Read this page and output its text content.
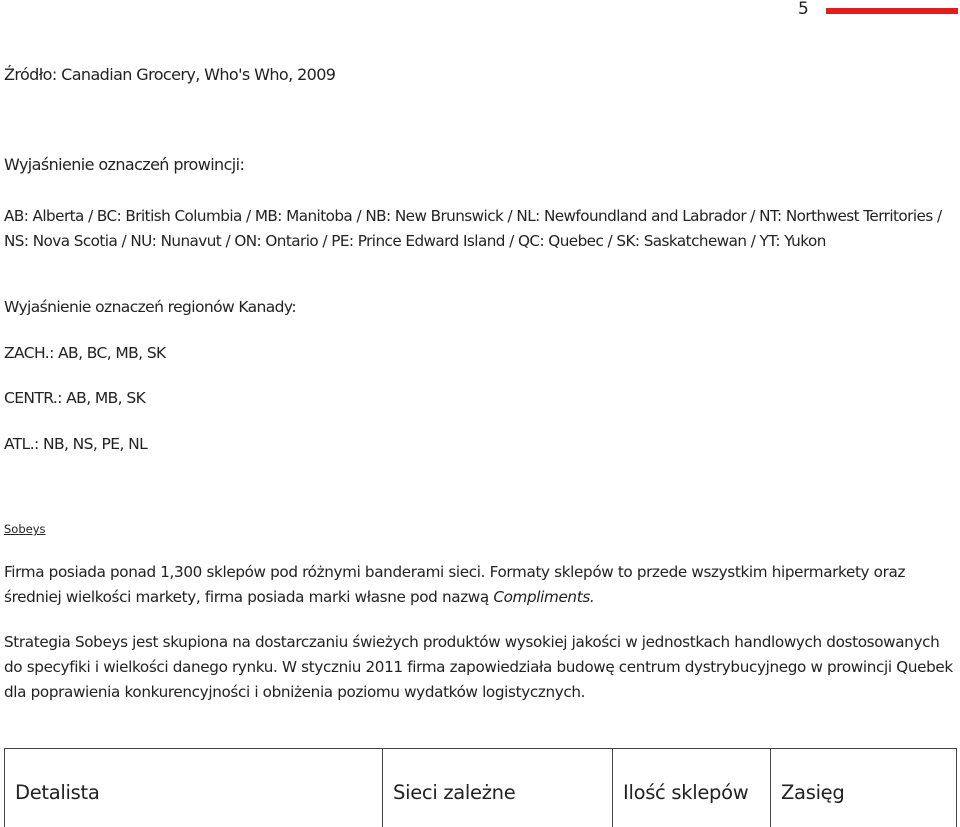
5

Źródło: Canadian Grocery, Who's Who, 2009

Wyjaśnienie oznaczeń prowincji:

AB: Alberta / BC: British Columbia / MB: Manitoba / NB: New Brunswick / NL: Newfoundland and Labrador / NT: Northwest Territories / NS: Nova Scotia / NU: Nunavut / ON: Ontario / PE: Prince Edward Island / QC: Quebec / SK: Saskatchewan / YT: Yukon

Wyjaśnienie oznaczeń regionów Kanady:

ZACH.: AB, BC, MB, SK

CENTR.: AB, MB, SK

ATL.: NB, NS, PE, NL

Sobeys

Firma posiada ponad 1,300 sklepów pod różnymi banderami sieci. Formaty sklepów to przede wszystkim hipermarkety oraz średniej wielkości markety, firma posiada marki własne pod nazwą Compliments.

Strategia Sobeys jest skupiona na dostarczaniu świeżych produktów wysokiej jakości w jednostkach handlowych dostosowanych do specyfiki i wielkości danego rynku. W styczniu 2011 firma zapowiedziała budowę centrum dystrybucyjnego w prowincji Quebek dla poprawienia konkurencyjności i obniżenia poziomu wydatków logistycznych.

Detalista	Sieci zależne	Ilość sklepów	Zasięg
